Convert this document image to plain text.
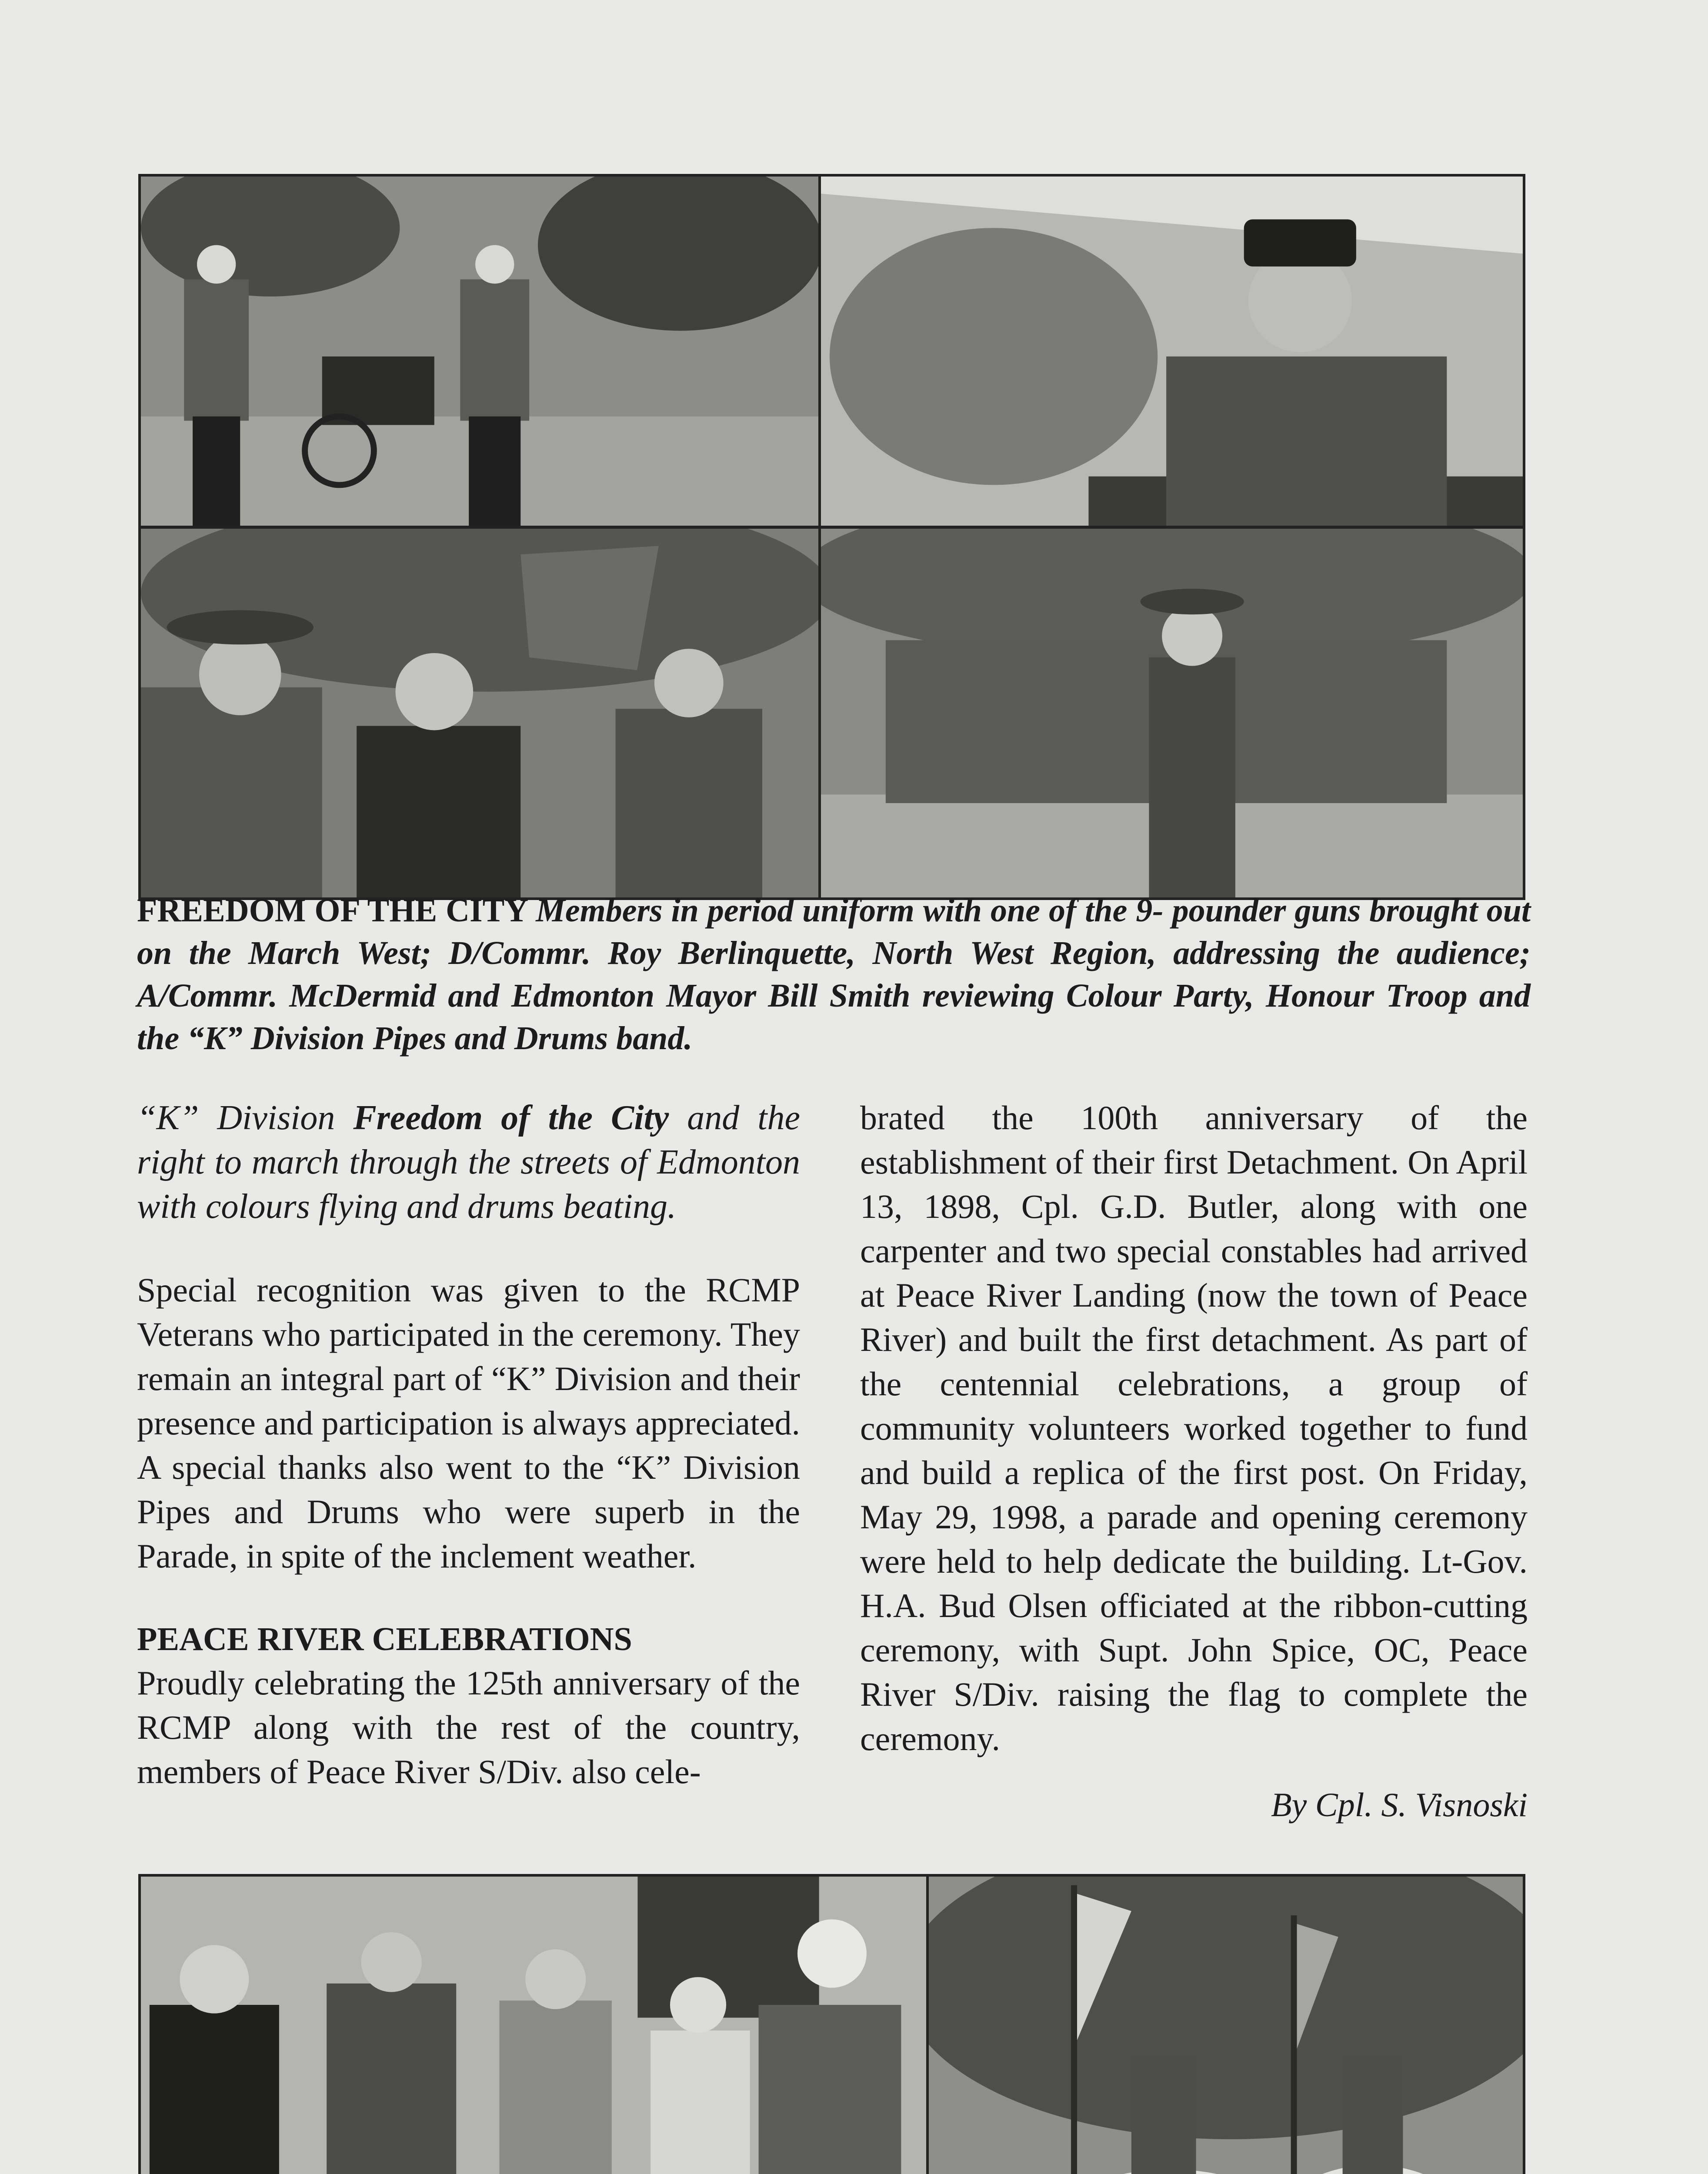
FREEDOM OF THE CITY Members in period uniform with one of the 9- pounder guns brought out on the March West; D/Commr. Roy Berlinquette, North West Region, addressing the audience; A/Commr. McDermid and Edmonton Mayor Bill Smith reviewing Colour Party, Honour Troop and the “K” Division Pipes and Drums band.

“K” Division Freedom of the City and the right to march through the streets of Edmonton with colours flying and drums beating.

Special recognition was given to the RCMP Veterans who participated in the ceremony. They remain an integral part of “K” Division and their presence and participation is always appreciated. A special thanks also went to the “K” Division Pipes and Drums who were superb in the Parade, in spite of the inclement weather.

PEACE RIVER CELEBRATIONS

Proudly celebrating the 125th anniversary of the RCMP along with the rest of the country, members of Peace River S/Div. also cele-

brated the 100th anniversary of the establishment of their first Detachment. On April 13, 1898, Cpl. G.D. Butler, along with one carpenter and two special constables had arrived at Peace River Landing (now the town of Peace River) and built the first detachment. As part of the centennial celebrations, a group of community volunteers worked together to fund and build a replica of the first post. On Friday, May 29, 1998, a parade and opening ceremony were held to help dedicate the building. Lt-Gov. H.A. Bud Olsen officiated at the ribbon-cutting ceremony, with Supt. John Spice, OC, Peace River S/Div. raising the flag to complete the ceremony.

By Cpl. S. Visnoski
